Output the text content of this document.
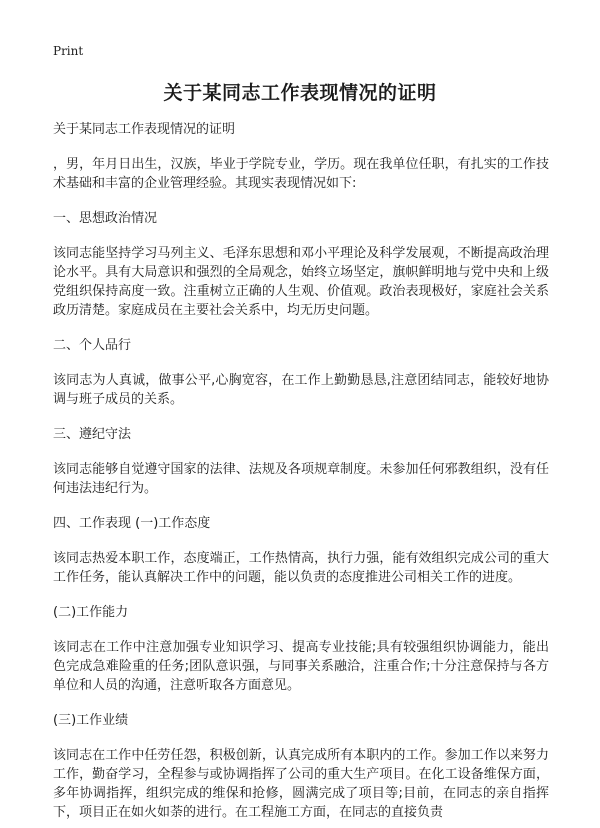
Print
关于某同志工作表现情况的证明

关于某同志工作表现情况的证明

，男，年月日出生，汉族，毕业于学院专业，学历。现在我单位任职，有扎实的工作技术基础和丰富的企业管理经验。其现实表现情况如下:

一、思想政治情况

该同志能坚持学习马列主义、毛泽东思想和邓小平理论及科学发展观，不断提高政治理论水平。具有大局意识和强烈的全局观念，始终立场坚定，旗帜鲜明地与党中央和上级党组织保持高度一致。注重树立正确的人生观、价值观。政治表现极好，家庭社会关系政历清楚。家庭成员在主要社会关系中，均无历史问题。

二、个人品行

该同志为人真诚，做事公平,心胸宽容，在工作上勤勤恳恳,注意团结同志，能较好地协调与班子成员的关系。

三、遵纪守法

该同志能够自觉遵守国家的法律、法规及各项规章制度。未参加任何邪教组织，没有任何违法违纪行为。

四、工作表现 (一)工作态度

该同志热爱本职工作，态度端正，工作热情高，执行力强，能有效组织完成公司的重大工作任务，能认真解决工作中的问题，能以负责的态度推进公司相关工作的进度。

(二)工作能力

该同志在工作中注意加强专业知识学习、提高专业技能;具有较强组织协调能力，能出色完成急难险重的任务;团队意识强，与同事关系融洽，注重合作;十分注意保持与各方单位和人员的沟通，注意听取各方面意见。

(三)工作业绩

该同志在工作中任劳任怨，积极创新，认真完成所有本职内的工作。参加工作以来努力工作，勤奋学习，全程参与或协调指挥了公司的重大生产项目。在化工设备维保方面，多年协调指挥，组织完成的维保和抢修，圆满完成了项目等;目前，在同志的亲自指挥下，项目正在如火如荼的进行。在工程施工方面，在同志的直接负责
